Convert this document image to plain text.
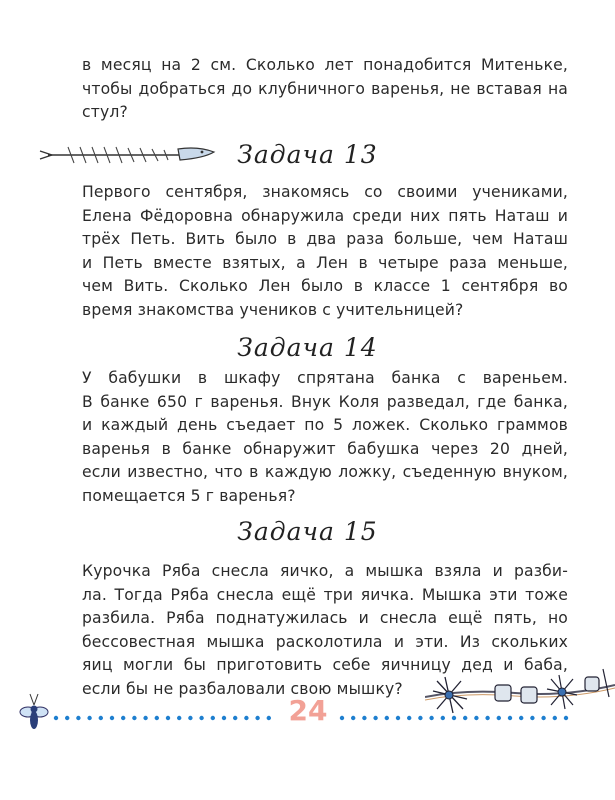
в месяц на 2 см. Сколько лет понадобится Митеньке,
чтобы добраться до клубничного варенья, не вставая на
стул?
Задача 13
Первого сентября, знакомясь со своими учениками,
Елена Фёдоровна обнаружила среди них пять Наташ и
трёх Петь. Вить было в два раза больше, чем Наташ
и Петь вместе взятых, а Лен в четыре раза меньше,
чем Вить. Сколько Лен было в классе 1 сентября во
время знакомства учеников с учительницей?
Задача 14
У бабушки в шкафу спрятана банка с вареньем.
В банке 650 г варенья. Внук Коля разведал, где банка,
и каждый день съедает по 5 ложек. Сколько граммов
варенья в банке обнаружит бабушка через 20 дней,
если известно, что в каждую ложку, съеденную внуком,
помещается 5 г варенья?
Задача 15
Курочка Ряба снесла яичко, а мышка взяла и разби-
ла. Тогда Ряба снесла ещё три яичка. Мышка эти тоже
разбила. Ряба поднатужилась и снесла ещё пять, но
бессовестная мышка расколотила и эти. Из скольких
яиц могли бы приготовить себе яичницу дед и баба,
если бы не разбаловали свою мышку?
24
